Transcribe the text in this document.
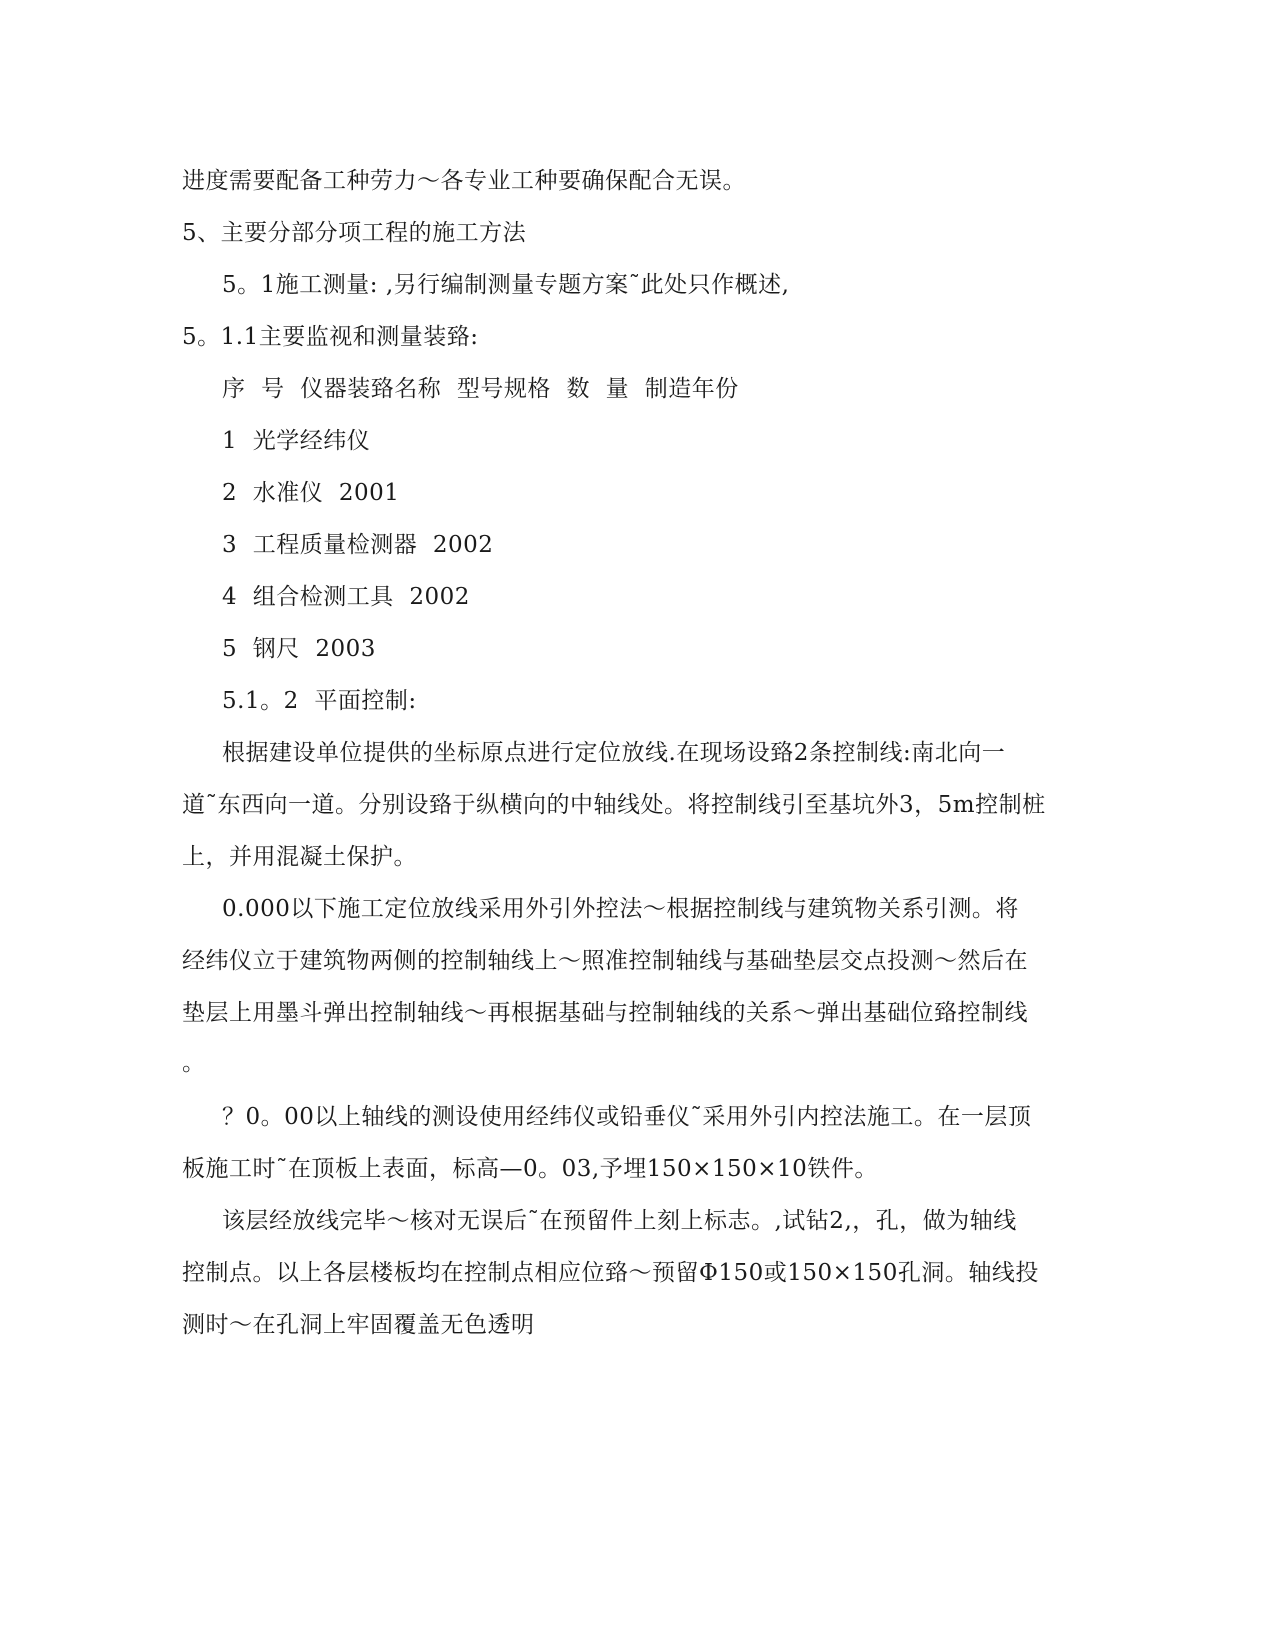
进度需要配备工种劳力～各专业工种要确保配合无误。
5、主要分部分项工程的施工方法
5。1施工测量: ,另行编制测量专题方案˜此处只作概述,
5。1.1主要监视和测量装臵:
序  号  仪器装臵名称  型号规格  数  量  制造年份
1  光学经纬仪
2  水准仪  2001
3  工程质量检测器  2002
4  组合检测工具  2002
5  钢尺  2003
5.1。2  平面控制:
根据建设单位提供的坐标原点进行定位放线.在现场设臵2条控制线:南北向一
道˜东西向一道。分别设臵于纵横向的中轴线处。将控制线引至基坑外3，5m控制桩
上，并用混凝土保护。
0.000以下施工定位放线采用外引外控法～根据控制线与建筑物关系引测。将
经纬仪立于建筑物两侧的控制轴线上～照准控制轴线与基础垫层交点投测～然后在
垫层上用墨斗弹出控制轴线～再根据基础与控制轴线的关系～弹出基础位臵控制线
。
？0。00以上轴线的测设使用经纬仪或铅垂仪˜采用外引内控法施工。在一层顶
板施工时˜在顶板上表面，标高—0。03,予埋150×150×10铁件。
该层经放线完毕～核对无误后˜在预留件上刻上标志。,试钻2,，孔，做为轴线
控制点。以上各层楼板均在控制点相应位臵～预留Φ150或150×150孔洞。轴线投
测时～在孔洞上牢固覆盖无色透明
